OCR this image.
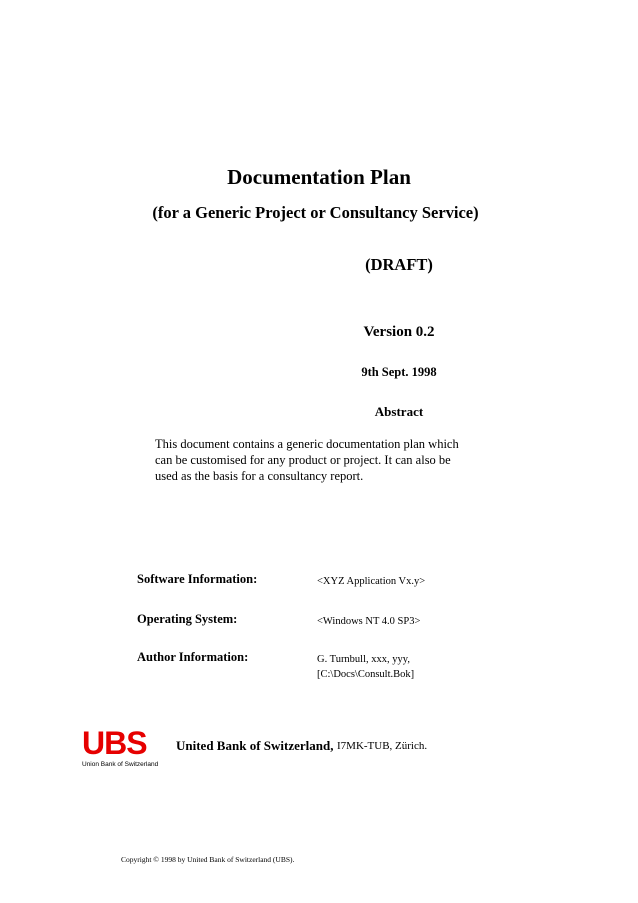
Documentation Plan
(for a Generic Project or Consultancy Service)
(DRAFT)
Version 0.2
9th Sept. 1998
Abstract
This document contains a generic documentation plan which
can be customised for any product or project. It can also be
used as the basis for a consultancy report.
Software Information:	<XYZ Application Vx.y>
Operating System:	<Windows NT 4.0 SP3>
Author Information:	G. Turnbull, xxx, yyy,
[C:\Docs\Consult.Bok]
UBS
Union Bank of Switzerland
United Bank of Switzerland, I7MK-TUB, Zürich.
Copyright © 1998 by United Bank of Switzerland (UBS).
